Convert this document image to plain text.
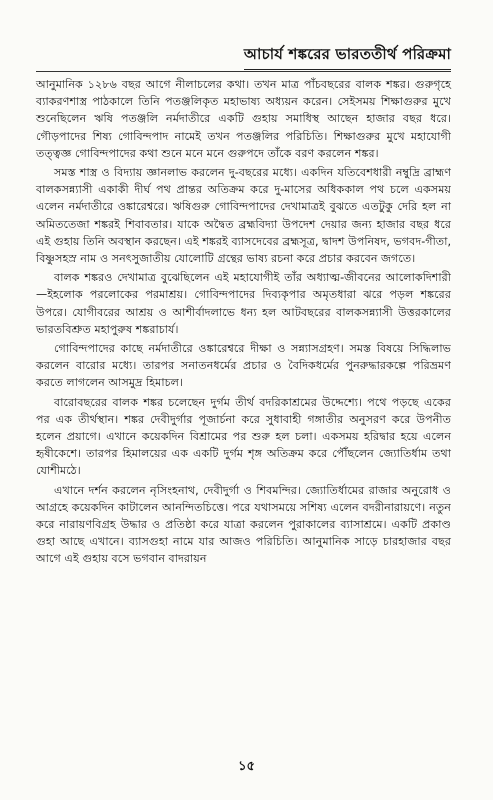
আচার্য শঙ্করের ভারততীর্থ পরিক্রমা

আনুমানিক ১২৮৬ বছর আগে নীলাচলের কথা। তখন মাত্র পাঁচবছরের বালক শঙ্কর। গুরুগৃহে ব্যাকরণশাস্ত্র পাঠকালে তিনি পতঞ্জলিকৃত মহাভাষ্য অধ্যয়ন করেন। সেইসময় শিক্ষাগুরুর মুখে শুনেছিলেন ঋষি পতঞ্জলি নর্মদাতীরে একটি গুহায় সমাধিস্থ আছেন হাজার বছর ধরে। গৌড়পাদের শিষ্য গোবিন্দপাদ নামেই তখন পতঞ্জলির পরিচিতি। শিক্ষাগুরুর মুখে মহাযোগী তত্ত্বজ্ঞ গোবিন্দপাদের কথা শুনে মনে মনে গুরুপদে তাঁকে বরণ করলেন শঙ্কর।

সমস্ত শাস্ত্র ও বিদ্যায় জ্ঞানলাভ করলেন দু-বছরের মধ্যে। একদিন যতিবেশধারী নম্বুদ্রি ব্রাহ্মণ বালকসন্ন্যাসী একাকী দীর্ঘ পথ প্রান্তর অতিক্রম করে দু-মাসের অধিককাল পথ চলে একসময় এলেন নর্মদাতীরে ওঙ্কারেশ্বরে। ঋষিগুরু গোবিন্দপাদের দেখামাত্রই বুঝতে এতটুকু দেরি হল না অমিততেজা শঙ্করই শিবাবতার। যাকে অদ্বৈত ব্রহ্মবিদ্যা উপদেশ দেয়ার জন্য হাজার বছর ধরে এই গুহায় তিনি অবস্থান করছেন। এই শঙ্করই ব্যাসদেবের ব্রহ্মসূত্র, দ্বাদশ উপনিষদ, ভগবদ-গীতা, বিষ্ণুসহস্র নাম ও সনৎসুজাতীয় যোলোটি গ্রন্থের ভাষ্য রচনা করে প্রচার করবেন জগতে।

বালক শঙ্করও দেখামাত্র বুঝেছিলেন এই মহাযোগীই তাঁর অধ্যাত্ম-জীবনের আলোকদিশারী—ইহলোক পরলোকের পরমাশ্রয়। গোবিন্দপাদের দিব্যকৃপার অমৃতধারা ঝরে পড়ল শঙ্করের উপরে। যোগীবরের আশ্রয় ও আশীর্বাদলাভে ধন্য হল আটবছরের বালকসন্ন্যাসী উত্তরকালের ভারতবিশ্রুত মহাপুরুষ শঙ্করাচার্য।

গোবিন্দপাদের কাছে নর্মদাতীরে ওঙ্কারেশ্বরে দীক্ষা ও সন্ন্যাসগ্রহণ। সমস্ত বিষয়ে সিদ্ধিলাভ করলেন বারোর মধ্যে। তারপর সনাতনধর্মের প্রচার ও বৈদিকধর্মের পুনরুদ্ধারকল্পে পরিভ্রমণ করতে লাগলেন আসমুদ্র হিমাচল।

বারোবছরের বালক শঙ্কর চলেছেন দুর্গম তীর্থ বদরিকাশ্রমের উদ্দেশ্যে। পথে পড়ছে একের পর এক তীর্থস্থান। শঙ্কর দেবীদুর্গার পূজার্চনা করে সুধাবাহী গঙ্গাতীর অনুসরণ করে উপনীত হলেন প্রয়াগে। এখানে কয়েকদিন বিশ্রামের পর শুরু হল চলা। একসময় হরিদ্বার হয়ে এলেন হৃষীকেশে। তারপর হিমালয়ের এক একটি দুর্গম শৃঙ্গ অতিক্রম করে পৌঁছলেন জ্যোতির্ধাম তথা যোশীমঠে।

এখানে দর্শন করলেন নৃসিংহনাথ, দেবীদুর্গা ও শিবমন্দির। জ্যোতির্ধামের রাজার অনুরোধ ও আগ্রহে কয়েকদিন কাটালেন আনন্দিতচিত্তে। পরে যথাসময়ে সশিষ্য এলেন বদরীনারায়ণে। নতুন করে নারায়ণবিগ্রহ উদ্ধার ও প্রতিষ্ঠা করে যাত্রা করলেন পুরাকালের ব্যাসাশ্রমে। একটি প্রকাণ্ড গুহা আছে এখানে। ব্যাসগুহা নামে যার আজও পরিচিতি। আনুমানিক সাড়ে চারহাজার বছর আগে এই গুহায় বসে ভগবান বাদরায়ন

১৫
